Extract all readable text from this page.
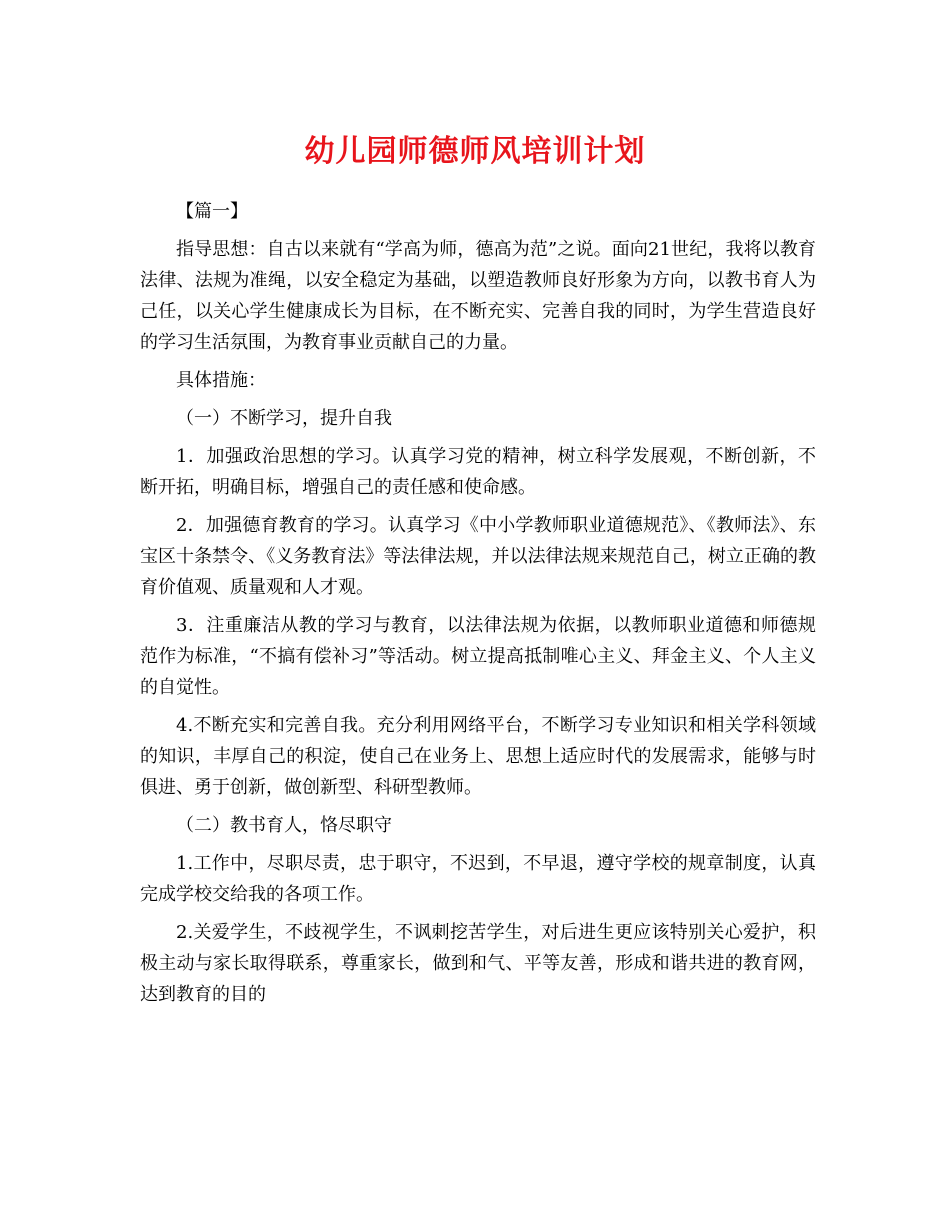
幼儿园师德师风培训计划

【篇一】

指导思想：自古以来就有“学高为师，德高为范”之说。面向21世纪，我将以教育法律、法规为准绳，以安全稳定为基础，以塑造教师良好形象为方向，以教书育人为己任，以关心学生健康成长为目标，在不断充实、完善自我的同时，为学生营造良好的学习生活氛围，为教育事业贡献自己的力量。

具体措施：

（一）不断学习，提升自我

1．加强政治思想的学习。认真学习党的精神，树立科学发展观，不断创新，不断开拓，明确目标，增强自己的责任感和使命感。

2．加强德育教育的学习。认真学习《中小学教师职业道德规范》、《教师法》、东宝区十条禁令、《义务教育法》等法律法规，并以法律法规来规范自己，树立正确的教育价值观、质量观和人才观。

3．注重廉洁从教的学习与教育，以法律法规为依据，以教师职业道德和师德规范作为标准，“不搞有偿补习”等活动。树立提高抵制唯心主义、拜金主义、个人主义的自觉性。

4.不断充实和完善自我。充分利用网络平台，不断学习专业知识和相关学科领域的知识，丰厚自己的积淀，使自己在业务上、思想上适应时代的发展需求，能够与时俱进、勇于创新，做创新型、科研型教师。

（二）教书育人，恪尽职守

1.工作中，尽职尽责，忠于职守，不迟到，不早退，遵守学校的规章制度，认真完成学校交给我的各项工作。

2.关爱学生，不歧视学生，不讽刺挖苦学生，对后进生更应该特别关心爱护，积极主动与家长取得联系，尊重家长，做到和气、平等友善，形成和谐共进的教育网，达到教育的目的
